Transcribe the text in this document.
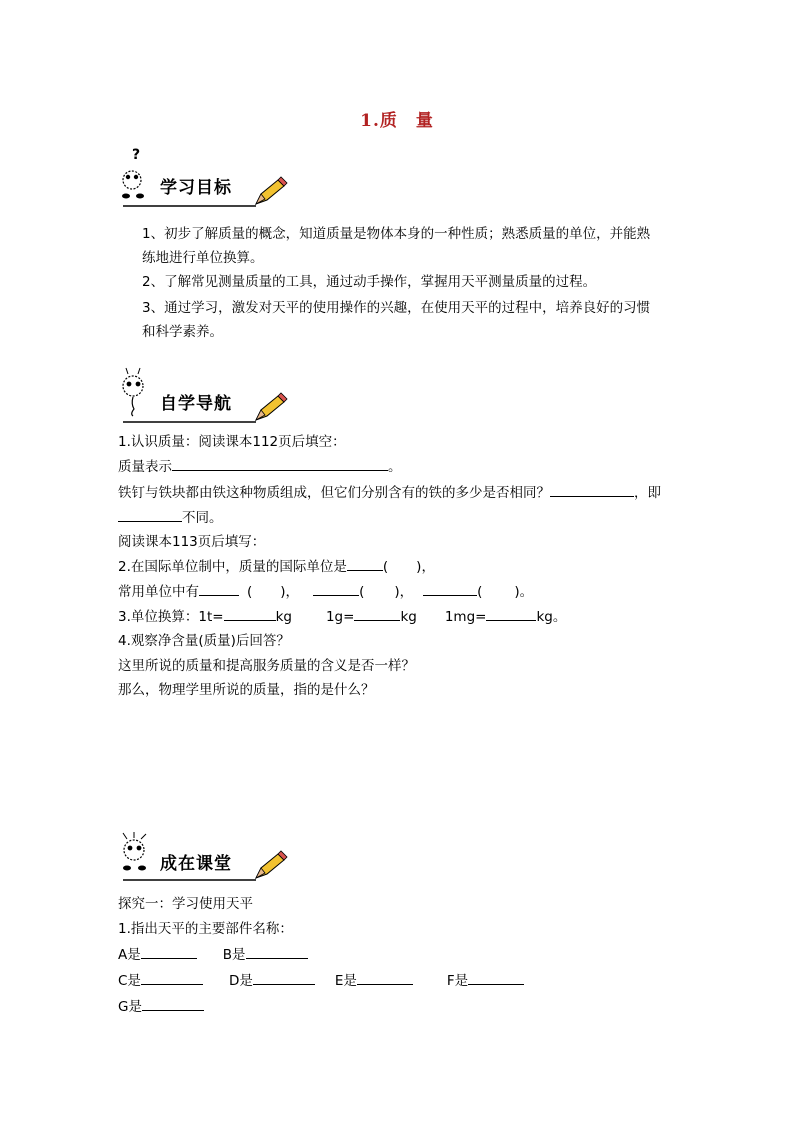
1.质　量
?
学习目标
1、初步了解质量的概念，知道质量是物体本身的一种性质；熟悉质量的单位，并能熟
练地进行单位换算。
2、了解常见测量质量的工具，通过动手操作，掌握用天平测量质量的过程。
3、通过学习，激发对天平的使用操作的兴趣，在使用天平的过程中，培养良好的习惯
和科学素养。
自学导航
1.认识质量：阅读课本112页后填空：
质量表示	。
铁钉与铁块都由铁这种物质组成，但它们分别含有的铁的多少是否相同？	，即
不同。
阅读课本113页后填写：
2.在国际单位制中，质量的国际单位是	( )，
常用单位中有	( )，	( )，	( )。
3.单位换算：1t=	kg	1g=	kg 1mg=	kg。
4.观察净含量(质量)后回答？
这里所说的质量和提高服务质量的含义是否一样？
那么，物理学里所说的质量，指的是什么？
成在课堂
探究一：学习使用天平
1.指出天平的主要部件名称：
A是	B是
C是	D是	E是	F是
G是
